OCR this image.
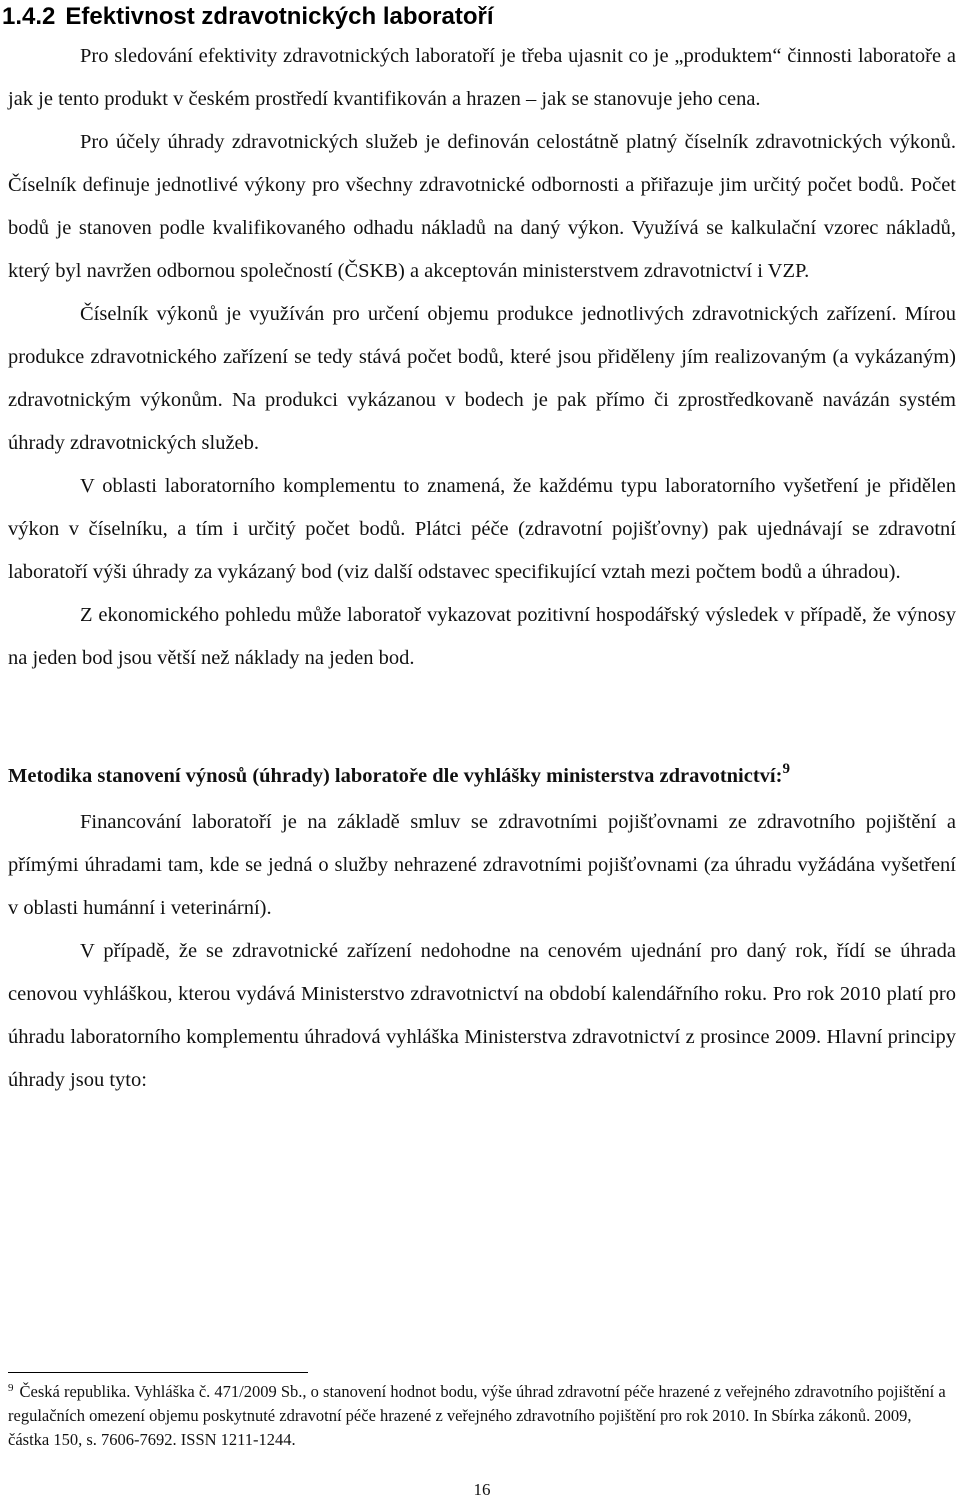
1.4.2 Efektivnost zdravotnických laboratoří

Pro sledování efektivity zdravotnických laboratoří je třeba ujasnit co je „produktem“ činnosti laboratoře a jak je tento produkt v českém prostředí kvantifikován a hrazen – jak se stanovuje jeho cena.

Pro účely úhrady zdravotnických služeb je definován celostátně platný číselník zdravotnických výkonů. Číselník definuje jednotlivé výkony pro všechny zdravotnické odbornosti a přiřazuje jim určitý počet bodů. Počet bodů je stanoven podle kvalifikovaného odhadu nákladů na daný výkon. Využívá se kalkulační vzorec nákladů, který byl navržen odbornou společností (ČSKB) a akceptován ministerstvem zdravotnictví i VZP.

Číselník výkonů je využíván pro určení objemu produkce jednotlivých zdravotnických zařízení. Mírou produkce zdravotnického zařízení se tedy stává počet bodů, které jsou přiděleny jím realizovaným (a vykázaným) zdravotnickým výkonům. Na produkci vykázanou v bodech je pak přímo či zprostředkovaně navázán systém úhrady zdravotnických služeb.

V oblasti laboratorního komplementu to znamená, že každému typu laboratorního vyšetření je přidělen výkon v číselníku, a tím i určitý počet bodů. Plátci péče (zdravotní pojišťovny) pak ujednávají se zdravotní laboratoří výši úhrady za vykázaný bod (viz další odstavec specifikující vztah mezi počtem bodů a úhradou).

Z ekonomického pohledu může laboratoř vykazovat pozitivní hospodářský výsledek v případě, že výnosy na jeden bod jsou větší než náklady na jeden bod.

Metodika stanovení výnosů (úhrady) laboratoře dle vyhlášky ministerstva zdravotnictví:$^9$

Financování laboratoří je na základě smluv se zdravotními pojišťovnami ze zdravotního pojištění a přímými úhradami tam, kde se jedná o služby nehrazené zdravotními pojišťovnami (za úhradu vyžádána vyšetření v oblasti humánní i veterinární).

V případě, že se zdravotnické zařízení nedohodne na cenovém ujednání pro daný rok, řídí se úhrada cenovou vyhláškou, kterou vydává Ministerstvo zdravotnictví na období kalendářního roku. Pro rok 2010 platí pro úhradu laboratorního komplementu úhradová vyhláška Ministerstva zdravotnictví z prosince 2009. Hlavní principy úhrady jsou tyto:

$^9$ Česká republika. Vyhláška č. 471/2009 Sb., o stanovení hodnot bodu, výše úhrad zdravotní péče hrazené z veřejného zdravotního pojištění a regulačních omezení objemu poskytnuté zdravotní péče hrazené z veřejného zdravotního pojištění pro rok 2010. In Sbírka zákonů. 2009, částka 150, s. 7606-7692. ISSN 1211-1244.
16
